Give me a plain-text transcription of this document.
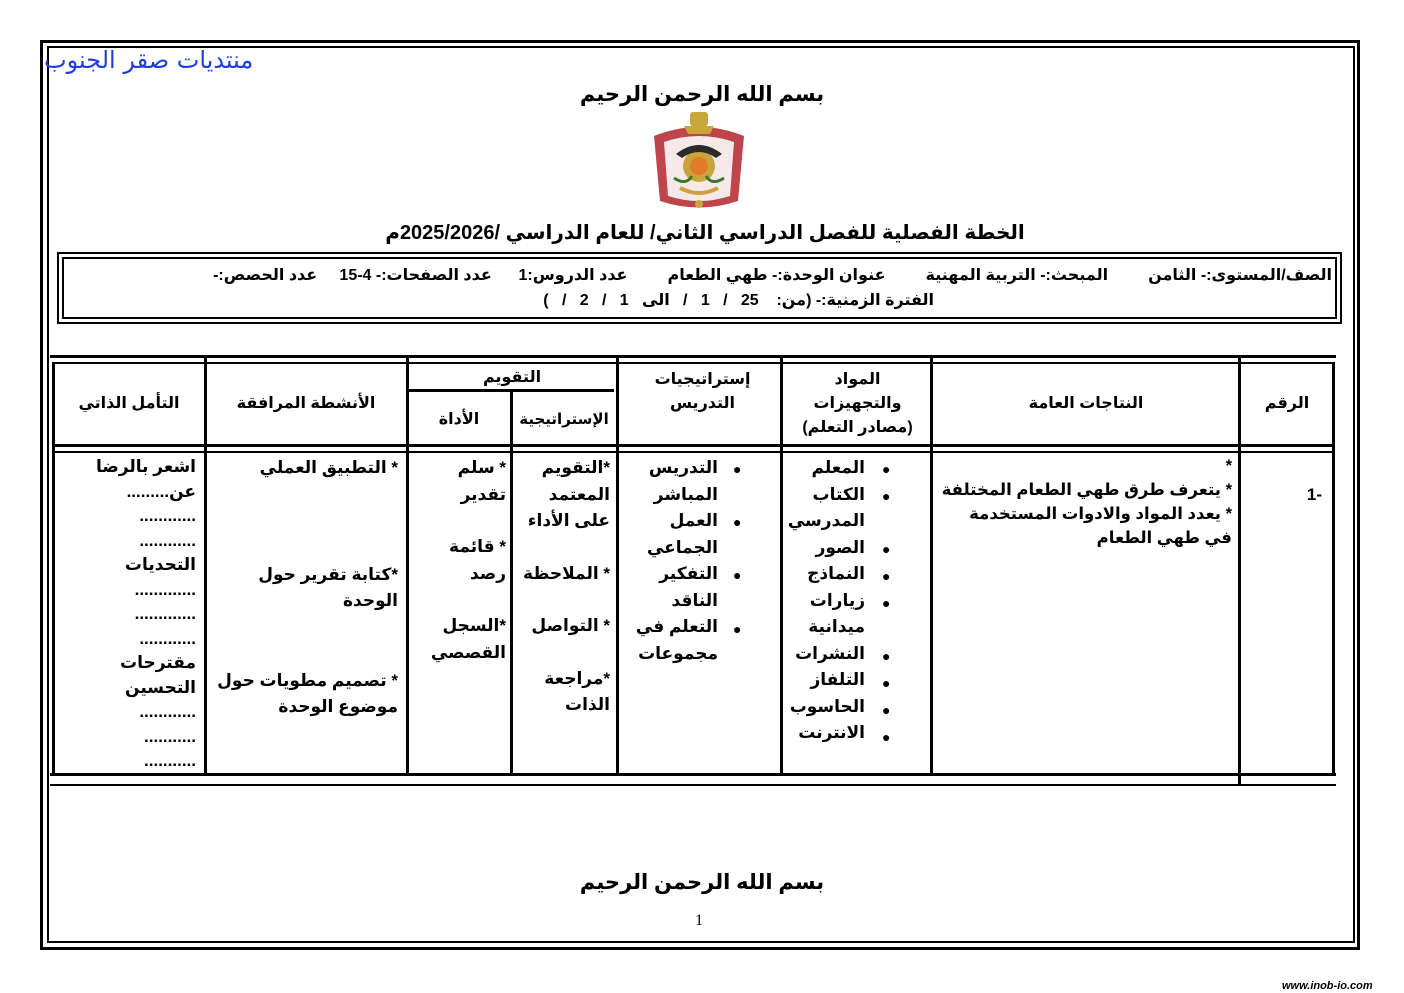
منتديات صقر الجنوب
بسم الله الرحمن الرحيم
الخطة الفصلية للفصل الدراسي الثاني/ للعام الدراسي /2025/2026م
الصف/المستوى:- الثامن         المبحث:- التربية المهنية         عنوان الوحدة:- طهي الطعام         عدد الدروس:1      عدد الصفحات:- 4-15     عدد الحصص:-
الفترة الزمنية:- (من:    25   /   1   /   الى   1   /   2   /   )
الرقم
النتاجات العامة
المواد والتجهيزات (مصادر التعلم)
إستراتيجيات التدريس
التقويم
الإستراتيجية
الأداة
الأنشطة المرافقة
التأمل الذاتي
-1
*
* يتعرف طرق طهي الطعام المختلفة
* يعدد المواد والادوات المستخدمة في طهي الطعام
المعلم
الكتاب المدرسي
الصور
النماذج
زيارات ميدانية
النشرات
التلفاز
الحاسوب
الانترنت
●
●
●
●
●
●
●
●
●
التدريس المباشر
العمل الجماعي
التفكير الناقد
التعلم في مجموعات
●
●
●
●
*التقويم المعتمد على الأداء
* الملاحظة
* التواصل
*مراجعة الذات
* سلم تقدير
* قائمة رصد
*السجل القصصي
* التطبيق العملي
*كتابة تقرير حول الوحدة
* تصميم مطويات حول موضوع الوحدة
اشعر بالرضا عن.........
............
............
التحديات
.............
.............
............
مقترحات التحسين
............
...........
...........
بسم الله الرحمن الرحيم
1
www.inob-io.com
